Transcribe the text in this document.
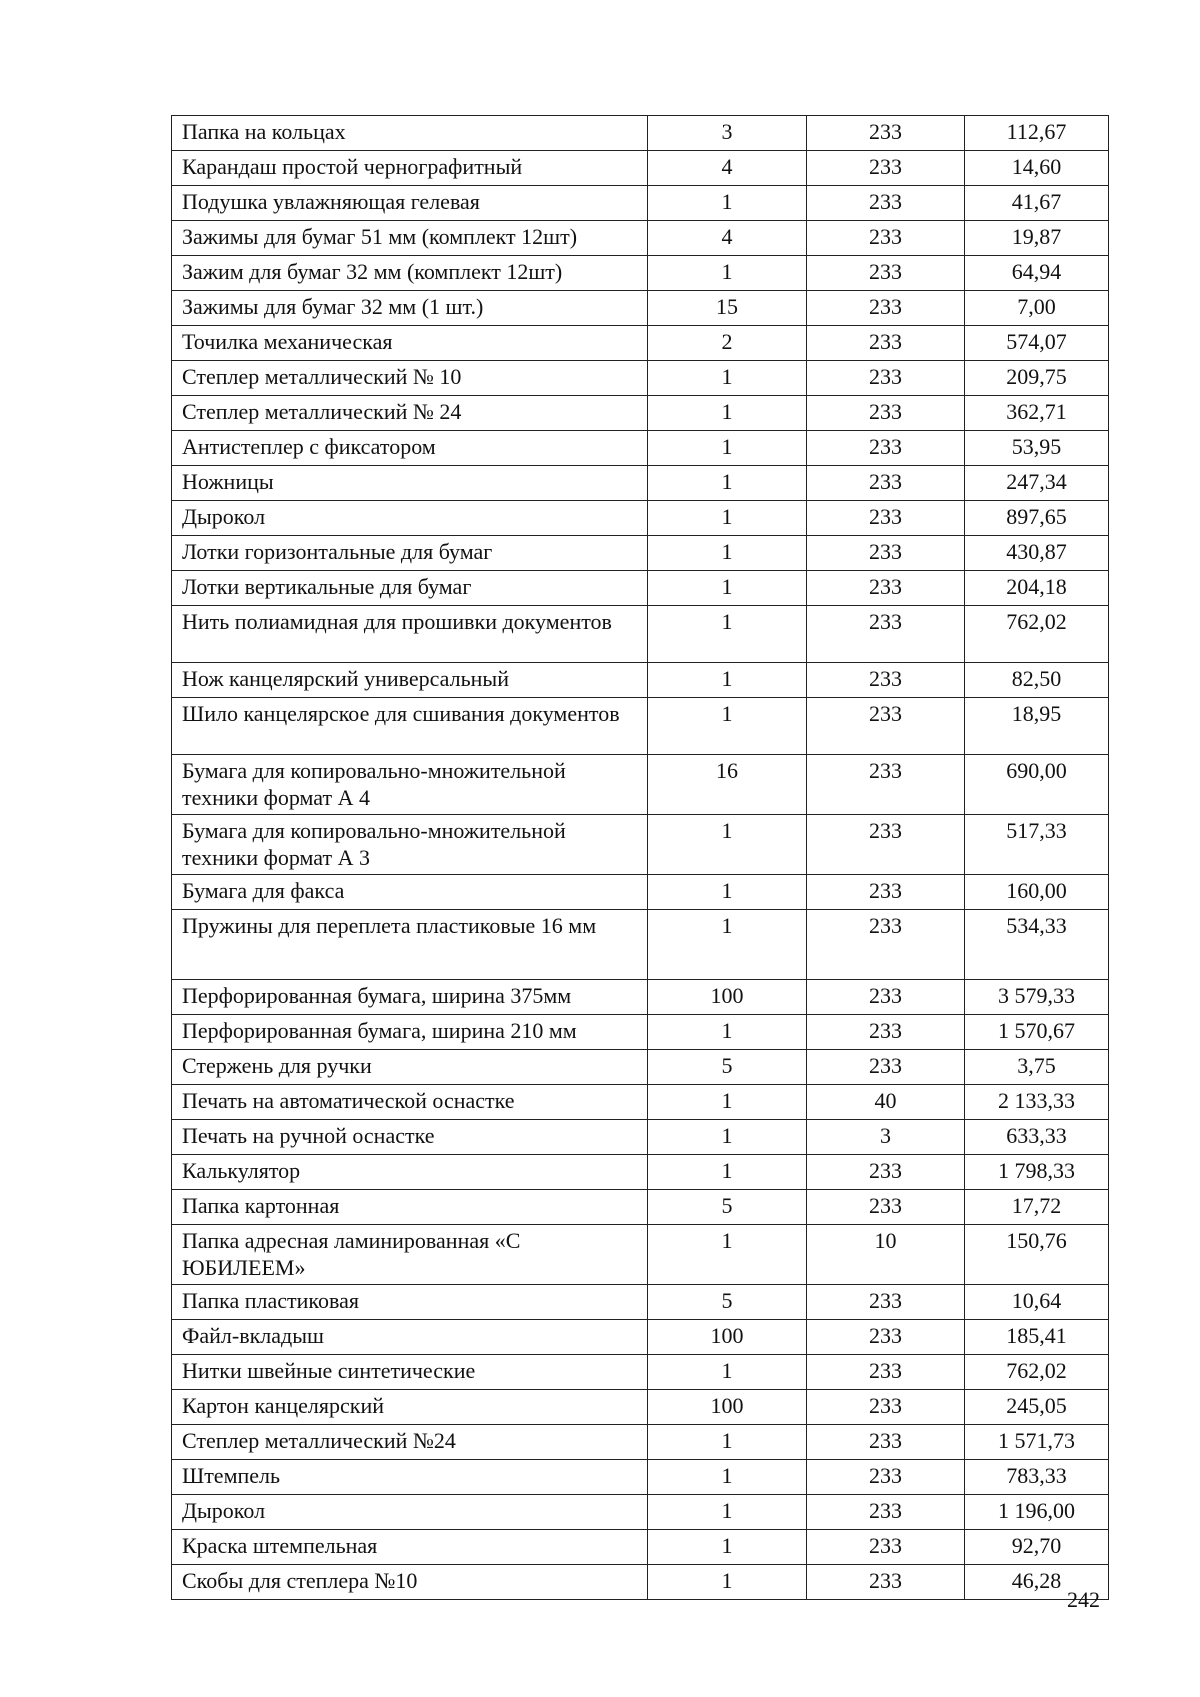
Папка на кольцах	3	233	112,67
Карандаш простой чернографитный	4	233	14,60
Подушка увлажняющая гелевая	1	233	41,67
Зажимы для бумаг 51 мм (комплект 12шт)	4	233	19,87
Зажим для бумаг 32 мм (комплект 12шт)	1	233	64,94
Зажимы для бумаг 32 мм (1 шт.)	15	233	7,00
Точилка механическая	2	233	574,07
Степлер металлический № 10	1	233	209,75
Степлер металлический № 24	1	233	362,71
Антистеплер с фиксатором	1	233	53,95
Ножницы	1	233	247,34
Дырокол	1	233	897,65
Лотки горизонтальные для бумаг	1	233	430,87
Лотки вертикальные для бумаг	1	233	204,18
Нить полиамидная для прошивки документов	1	233	762,02
Нож канцелярский универсальный	1	233	82,50
Шило канцелярское для сшивания документов	1	233	18,95
Бумага для копировально-множительной техники формат А 4	16	233	690,00
Бумага для копировально-множительной техники формат А 3	1	233	517,33
Бумага для факса	1	233	160,00
Пружины для переплета пластиковые 16 мм	1	233	534,33
Перфорированная бумага, ширина 375мм	100	233	3 579,33
Перфорированная бумага, ширина 210 мм	1	233	1 570,67
Стержень для ручки	5	233	3,75
Печать на автоматической оснастке	1	40	2 133,33
Печать на ручной оснастке	1	3	633,33
Калькулятор	1	233	1 798,33
Папка картонная	5	233	17,72
Папка адресная ламинированная «С ЮБИЛЕЕМ»	1	10	150,76
Папка пластиковая	5	233	10,64
Файл-вкладыш	100	233	185,41
Нитки швейные синтетические	1	233	762,02
Картон канцелярский	100	233	245,05
Степлер металлический №24	1	233	1 571,73
Штемпель	1	233	783,33
Дырокол	1	233	1 196,00
Краска штемпельная	1	233	92,70
Скобы для степлера №10	1	233	46,28
242
